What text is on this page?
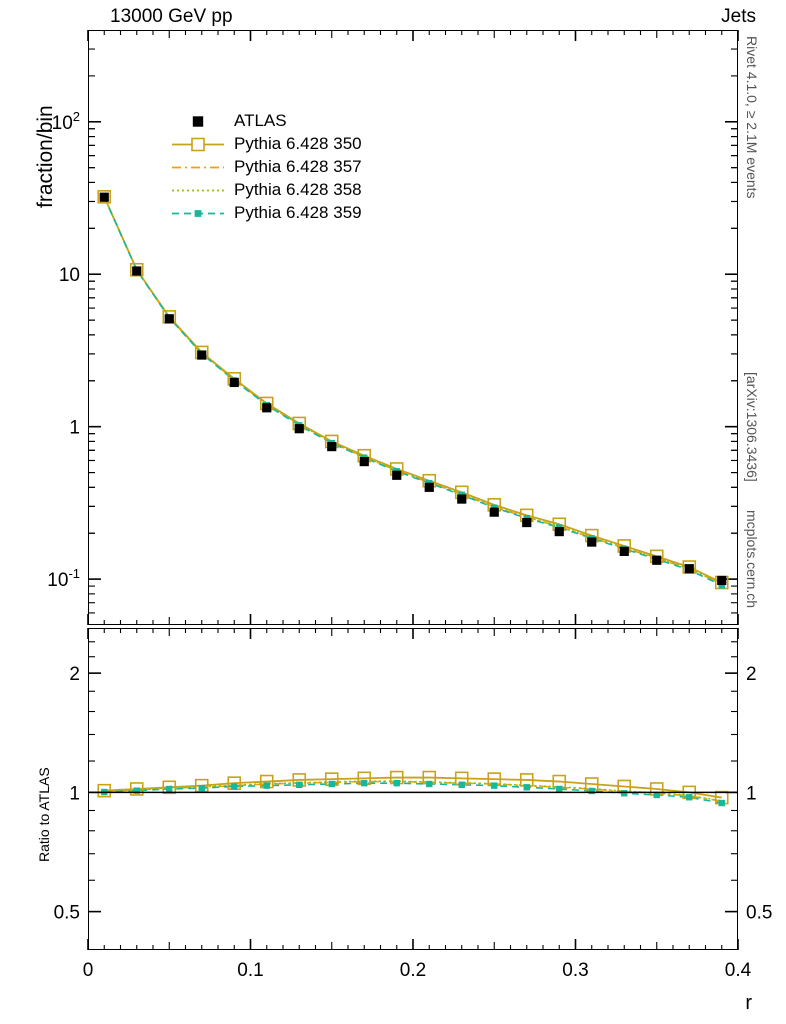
13000 GeV pp	Jets
fraction/bin
Ratio to ATLAS
r
Rivet 4.1.0, ≥ 2.1M events
[arXiv:1306.3436]
mcplots.cern.ch
ATLAS
Pythia 6.428 350
Pythia 6.428 357
Pythia 6.428 358
Pythia 6.428 359
$10^2$
10
1
$10^{-1}$
2	2
1	1
0.5	0.5
0	0.1	0.2	0.3	0.4
